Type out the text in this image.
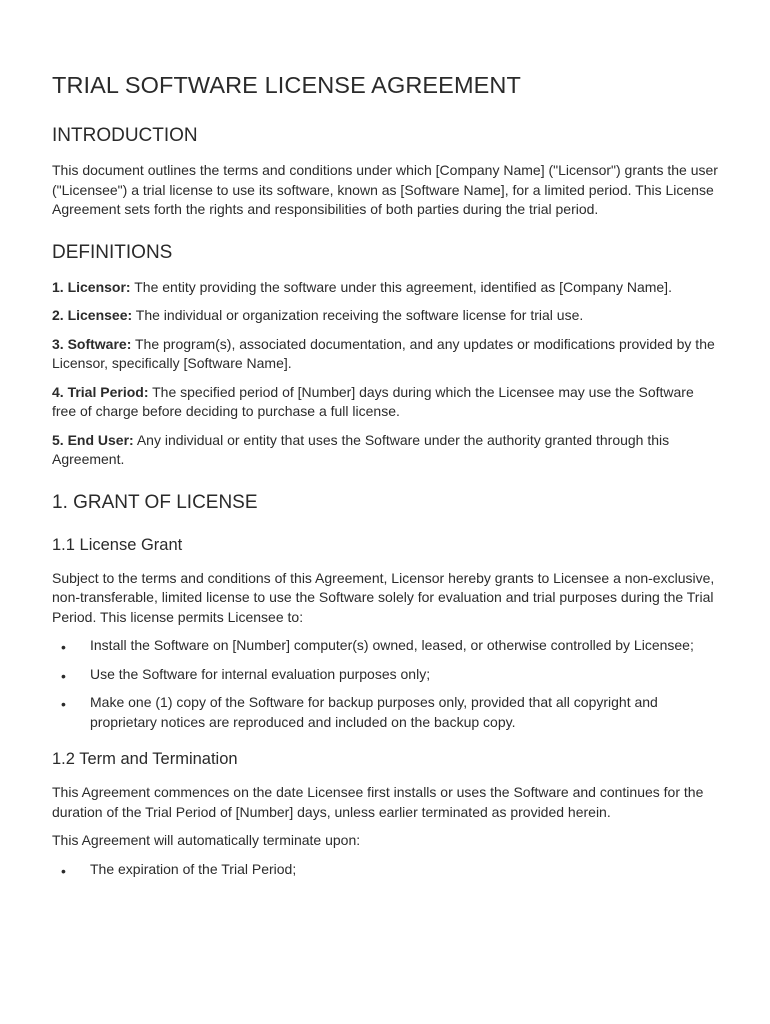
TRIAL SOFTWARE LICENSE AGREEMENT
INTRODUCTION

This document outlines the terms and conditions under which [Company Name] ("Licensor") grants the user ("Licensee") a trial license to use its software, known as [Software Name], for a limited period. This License Agreement sets forth the rights and responsibilities of both parties during the trial period.

DEFINITIONS

1. Licensor: The entity providing the software under this agreement, identified as [Company Name].

2. Licensee: The individual or organization receiving the software license for trial use.

3. Software: The program(s), associated documentation, and any updates or modifications provided by the Licensor, specifically [Software Name].

4. Trial Period: The specified period of [Number] days during which the Licensee may use the Software free of charge before deciding to purchase a full license.

5. End User: Any individual or entity that uses the Software under the authority granted through this Agreement.

1. GRANT OF LICENSE
1.1 License Grant

Subject to the terms and conditions of this Agreement, Licensor hereby grants to Licensee a non-exclusive, non-transferable, limited license to use the Software solely for evaluation and trial purposes during the Trial Period. This license permits Licensee to:

• Install the Software on [Number] computer(s) owned, leased, or otherwise controlled by Licensee;
• Use the Software for internal evaluation purposes only;
• Make one (1) copy of the Software for backup purposes only, provided that all copyright and proprietary notices are reproduced and included on the backup copy.
1.2 Term and Termination

This Agreement commences on the date Licensee first installs or uses the Software and continues for the duration of the Trial Period of [Number] days, unless earlier terminated as provided herein.

This Agreement will automatically terminate upon:

• The expiration of the Trial Period;
